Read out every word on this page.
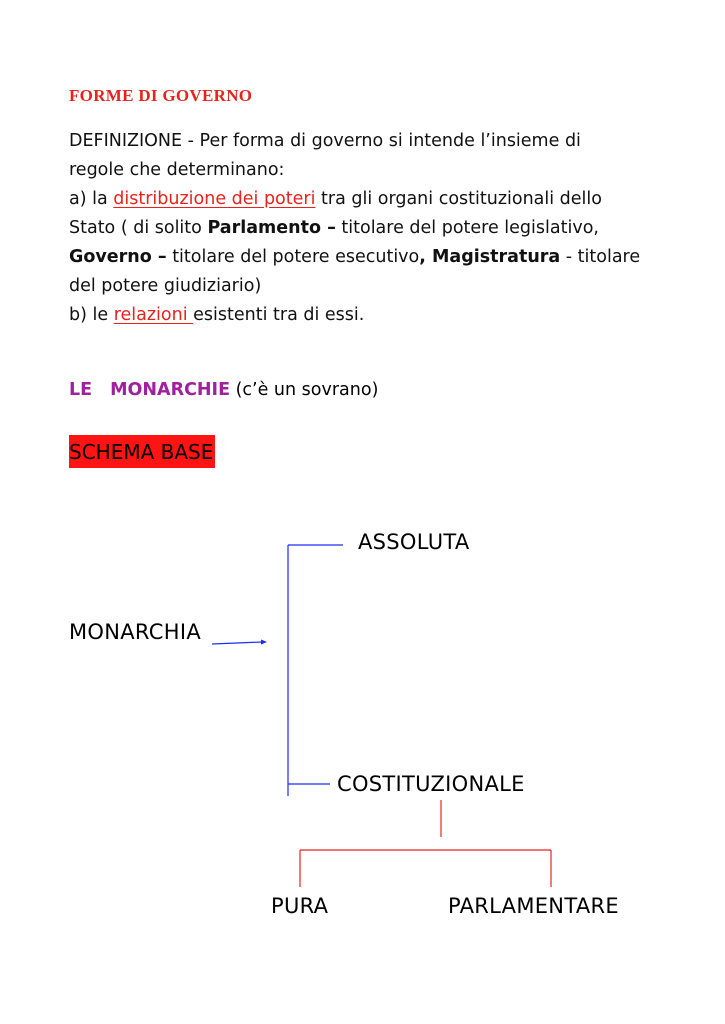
FORME DI GOVERNO

DEFINIZIONE - Per forma di governo si intende l’insieme di

regole che determinano:

a) la distribuzione dei poteri tra gli organi costituzionali dello

Stato ( di solito Parlamento – titolare del potere legislativo,

Governo – titolare del potere esecutivo, Magistratura - titolare

del potere giudiziario)

b) le relazioni esistenti tra di essi.

LE MONARCHIE (c’è un sovrano)
SCHEMA BASE
ASSOLUTA
MONARCHIA
COSTITUZIONALE
PURA	PARLAMENTARE
